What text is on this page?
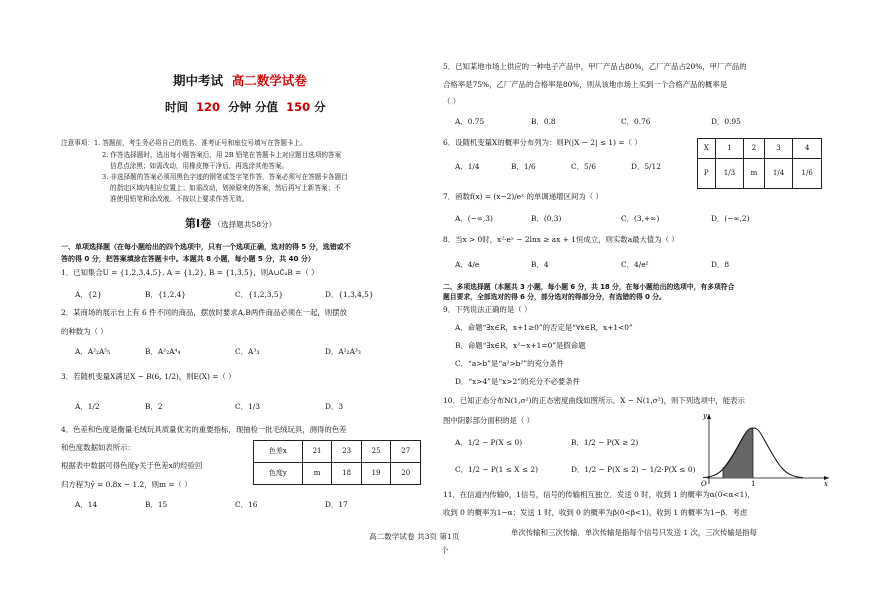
期中考试 高二数学试卷
时间 120 分钟 分值 150 分
注意事项：1. 答题前，考生务必将自己的姓名、准考证号和座位号填写在答题卡上。
2. 作答选择题时，选出每小题答案后，用 2B 铅笔在答题卡上对应题目选项的答案
信息点涂黑；如需改动，用橡皮擦干净后，再选涂其他答案。
3. 非选择题的答案必须用黑色字迹的钢笔或签字笔作答，答案必须写在答题卡各题目
的指定区域内相应位置上；如需改动，划掉原来的答案，然后再写上新答案；不
准使用铅笔和涂改液。不按以上要求作答无效。
第Ⅰ卷 （选择题共58分）
一、单项选择题（在每小题给出的四个选项中，只有一个选项正确，选对的得 5 分，选错或不
答的得 0 分，把答案填涂在答题卡中。本题共 8 小题，每小题 5 分，共 40 分）
1．已知集合U = {1,2,3,4,5}, A = {1,2}, B = {1,3,5}，则A∪∁ᵤB =（ ）
A．{2}	B．{1,2,4}	C．{1,2,3,5}	D．{1,3,4,5}
2．某商场的展示台上有 6 件不同的商品，摆放时要求A,B两件商品必须在一起，则摆放
的种数为（ ）
A．A²₂A⁵₅	B．A²₂A⁴₄	C．A³₃	D．A²₂A³₃
3．若随机变量X满足X ~ B(6, 1/2)，则E(X) =（ ）
A．1/2	B．2	C．1/3	D．3
4．色差和色度是衡量毛绒玩具质量优劣的重要指标，现抽检一批毛绒玩具，测得的色差
和色度数据如表所示：
根据表中数据可得色度y关于色差x的经验回
归方程为ŷ = 0.8x − 1.2，则m =（ ）
色差x	21	23	25	27
色度y	m	18	19	20
A．14	B．15	C．16	D．17
5．已知某地市场上供应的一种电子产品中，甲厂产品占80%，乙厂产品占20%，甲厂产品的
合格率是75%，乙厂产品的合格率是80%，则从该地市场上买到一个合格产品的概率是
（ ）
A．0.75	B．0.8	C．0.76	D．0.95
6．设随机变量X的概率分布列为：则P(|X − 2| ≤ 1) =（ ）
X	1	2	3	4
P	1/3	m	1/4	1/6
A．1/4	B．1/6	C．5/6	D．5/12
7．函数f(x) = (x−2)/eˣ 的单调递增区间为（ ）
A．(−∞,3)	B．(0,3)	C．(3,+∞)	D．(−∞,2)
8．当x > 0时，x²·eˣ − 2lnx ≥ ax + 1恒成立，则实数a最大值为（ ）
A．4/e	B．4	C．4/e²	D．8
二、多项选择题（本题共 3 小题，每小题 6 分，共 18 分，在每小题给出的选项中，有多项符合
题目要求，全部选对的得 6 分，部分选对的得部分分，有选错的得 0 分。
9．下列说法正确的是（ ）
A．命题“∃x∈R，x+1≥0”的否定是“∀x∈R，x+1<0”
B．命题“∃x∈R，x²−x+1=0”是假命题
C．“a>b”是“a²>b²”的充分条件
D．“x>4”是“x>2”的充分不必要条件
10．已知正态分布N(1,σ²)的正态密度曲线如图所示，X ~ N(1,σ²)，则下列选项中，能表示
图中阴影部分面积的是（ ）
A．1/2 − P(X ≤ 0)	B．1/2 − P(X ≥ 2)
C．1/2 − P(1 ≤ X ≤ 2)	D．1/2 − P(X ≤ 2) − 1/2·P(X ≤ 0)
y
O	1	x
11．在信道内传输0，1信号，信号的传输相互独立．发送 0 时，收到 1 的概率为α(0<α<1)，
收到 0 的概率为1−α；发送 1 时，收到 0 的概率为β(0<β<1)，收到 1 的概率为1−β．考虑
单次传输和三次传输．单次传输是指每个信号只发送 1 次，三次传输是指每
个
高二数学试卷 共3页 第1页
